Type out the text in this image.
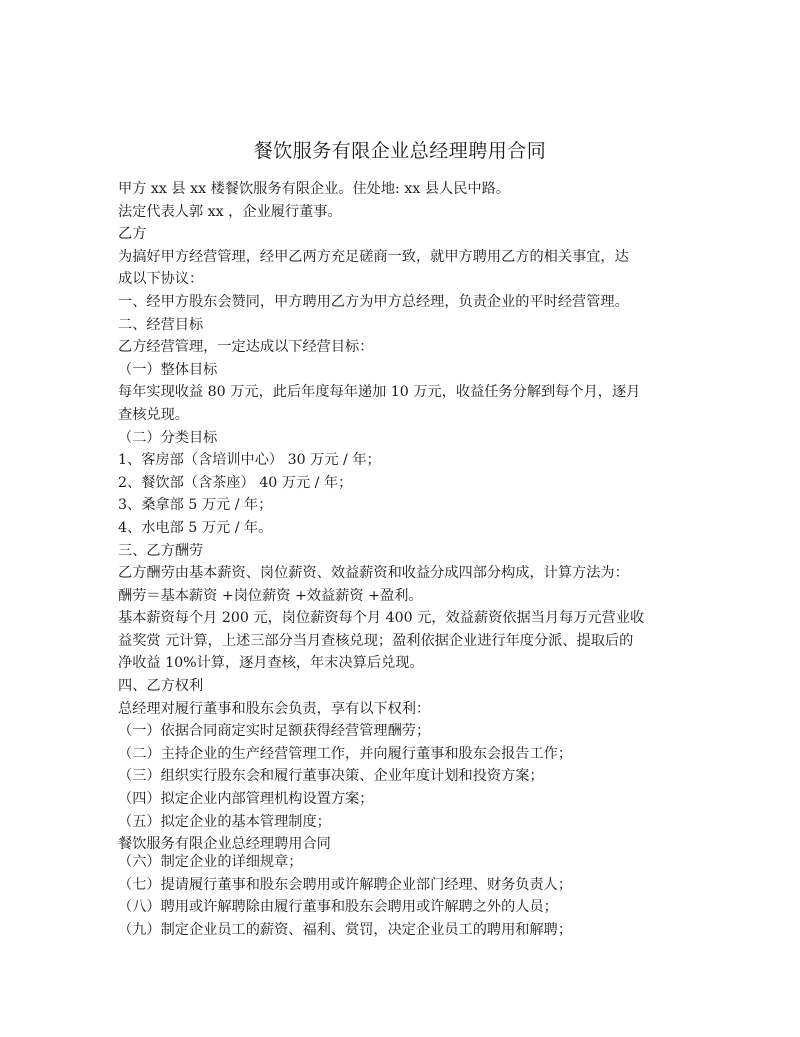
餐饮服务有限企业总经理聘用合同
甲方 xx 县 xx 楼餐饮服务有限企业。住处地: xx 县人民中路。
法定代表人郭 xx ，企业履行董事。
乙方
为搞好甲方经营管理，经甲乙两方充足磋商一致，就甲方聘用乙方的相关事宜，达
成以下协议：
一、经甲方股东会赞同，甲方聘用乙方为甲方总经理，负责企业的平时经营管理。
二、经营目标
乙方经营管理，一定达成以下经营目标：
（一）整体目标
每年实现收益 80 万元，此后年度每年递加 10 万元，收益任务分解到每个月，逐月
查核兑现。
（二）分类目标
1、客房部（含培训中心） 30 万元 / 年；
2、餐饮部（含茶座） 40 万元 / 年；
3、桑拿部 5 万元 / 年；
4、水电部 5 万元 / 年。
三、乙方酬劳
乙方酬劳由基本薪资、岗位薪资、效益薪资和收益分成四部分构成，计算方法为：
酬劳＝基本薪资 +岗位薪资 +效益薪资 +盈利。
基本薪资每个月 200 元，岗位薪资每个月 400 元，效益薪资依据当月每万元营业收
益奖赏 元计算，上述三部分当月查核兑现；盈利依据企业进行年度分派、提取后的
净收益 10%计算，逐月查核，年末决算后兑现。
四、乙方权利
总经理对履行董事和股东会负责，享有以下权利：
（一）依据合同商定实时足额获得经营管理酬劳；
（二）主持企业的生产经营管理工作，并向履行董事和股东会报告工作；
（三）组织实行股东会和履行董事决策、企业年度计划和投资方案；
（四）拟定企业内部管理机构设置方案；
（五）拟定企业的基本管理制度；
餐饮服务有限企业总经理聘用合同
（六）制定企业的详细规章；
（七）提请履行董事和股东会聘用或许解聘企业部门经理、财务负责人；
（八）聘用或许解聘除由履行董事和股东会聘用或许解聘之外的人员；
（九）制定企业员工的薪资、福利、赏罚，决定企业员工的聘用和解聘；
